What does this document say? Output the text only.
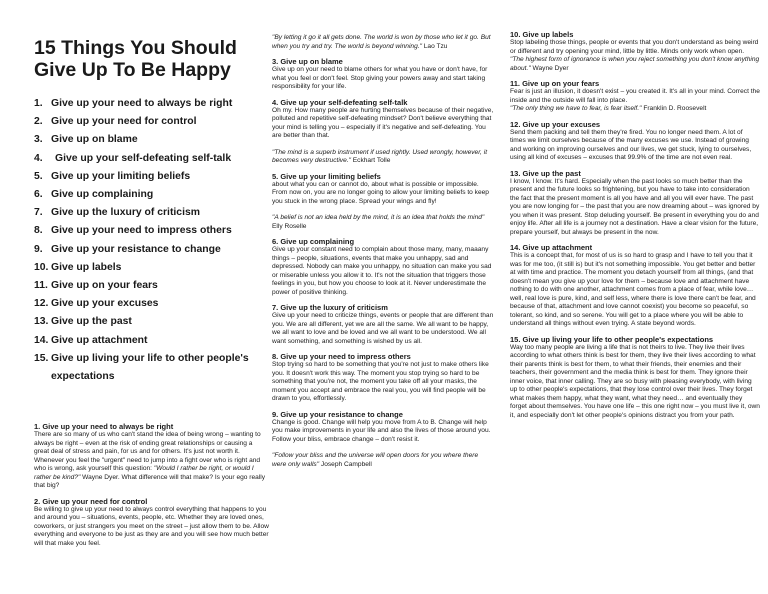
15 Things You Should Give Up To Be Happy
1. Give up your need to always be right
2. Give up your need for control
3. Give up on blame
4. Give up your self-defeating self-talk
5. Give up your limiting beliefs
6. Give up complaining
7. Give up the luxury of criticism
8. Give up your need to impress others
9. Give up your resistance to change
10. Give up labels
11. Give up on your fears
12. Give up your excuses
13. Give up the past
14. Give up attachment
15. Give up living your life to other people's expectations
1. Give up your need to always be right

There are so many of us who can't stand the idea of being wrong – wanting to always be right – even at the risk of ending great relationships or causing a great deal of stress and pain, for us and for others. It's just not worth it. Whenever you feel the "urgent" need to jump into a fight over who is right and who is wrong, ask yourself this question: "Would I rather be right, or would I rather be kind?" Wayne Dyer. What difference will that make? Is your ego really that big?

2. Give up your need for control

Be willing to give up your need to always control everything that happens to you and around you – situations, events, people, etc. Whether they are loved ones, coworkers, or just strangers you meet on the street – just allow them to be. Allow everything and everyone to be just as they are and you will see how much better will that make you feel.

"By letting it go it all gets done. The world is won by those who let it go. But when you try and try. The world is beyond winning." Lao Tzu

3. Give up on blame

Give up on your need to blame others for what you have or don't have, for what you feel or don't feel. Stop giving your powers away and start taking responsibility for your life.

4. Give up your self-defeating self-talk

Oh my. How many people are hurting themselves because of their negative, polluted and repetitive self-defeating mindset? Don't believe everything that your mind is telling you – especially if it's negative and self-defeating. You are better than that.

"The mind is a superb instrument if used rightly. Used wrongly, however, it becomes very destructive." Eckhart Tolle

5. Give up your limiting beliefs

about what you can or cannot do, about what is possible or impossible. From now on, you are no longer going to allow your limiting beliefs to keep you stuck in the wrong place. Spread your wings and fly!

"A belief is not an idea held by the mind, it is an idea that holds the mind" Elly Roselle

6. Give up complaining

Give up your constant need to complain about those many, many, maaany things – people, situations, events that make you unhappy, sad and depressed. Nobody can make you unhappy, no situation can make you sad or miserable unless you allow it to. It's not the situation that triggers those feelings in you, but how you choose to look at it. Never underestimate the power of positive thinking.

7. Give up the luxury of criticism

Give up your need to criticize things, events or people that are different than you. We are all different, yet we are all the same. We all want to be happy, we all want to love and be loved and we all want to be understood. We all want something, and something is wished by us all.

8. Give up your need to impress others

Stop trying so hard to be something that you're not just to make others like you. It doesn't work this way. The moment you stop trying so hard to be something that you're not, the moment you take off all your masks, the moment you accept and embrace the real you, you will find people will be drawn to you, effortlessly.

9. Give up your resistance to change

Change is good. Change will help you move from A to B. Change will help you make improvements in your life and also the lives of those around you. Follow your bliss, embrace change – don't resist it.

"Follow your bliss and the universe will open doors for you where there were only walls" Joseph Campbell

10. Give up labels

Stop labeling those things, people or events that you don't understand as being weird or different and try opening your mind, little by little. Minds only work when open.

"The highest form of ignorance is when you reject something you don't know anything about." Wayne Dyer

11. Give up on your fears

Fear is just an illusion, it doesn't exist – you created it. It's all in your mind. Correct the inside and the outside will fall into place.

"The only thing we have to fear, is fear itself." Franklin D. Roosevelt

12. Give up your excuses

Send them packing and tell them they're fired. You no longer need them. A lot of times we limit ourselves because of the many excuses we use. Instead of growing and working on improving ourselves and our lives, we get stuck, lying to ourselves, using all kind of excuses – excuses that 99.9% of the time are not even real.

13. Give up the past

I know, I know. It's hard. Especially when the past looks so much better than the present and the future looks so frightening, but you have to take into consideration the fact that the present moment is all you have and all you will ever have. The past you are now longing for – the past that you are now dreaming about – was ignored by you when it was present. Stop deluding yourself. Be present in everything you do and enjoy life. After all life is a journey not a destination. Have a clear vision for the future, prepare yourself, but always be present in the now.

14. Give up attachment

This is a concept that, for most of us is so hard to grasp and I have to tell you that it was for me too, (it still is) but it's not something impossible. You get better and better at with time and practice. The moment you detach yourself from all things, (and that doesn't mean you give up your love for them – because love and attachment have nothing to do with one another, attachment comes from a place of fear, while love… well, real love is pure, kind, and self less, where there is love there can't be fear, and because of that, attachment and love cannot coexist) you become so peaceful, so tolerant, so kind, and so serene. You will get to a place where you will be able to understand all things without even trying. A state beyond words.

15. Give up living your life to other people's expectations

Way too many people are living a life that is not theirs to live. They live their lives according to what others think is best for them, they live their lives according to what their parents think is best for them, to what their friends, their enemies and their teachers, their government and the media think is best for them. They ignore their inner voice, that inner calling. They are so busy with pleasing everybody, with living up to other people's expectations, that they lose control over their lives. They forget what makes them happy, what they want, what they need… and eventually they forget about themselves. You have one life – this one right now – you must live it, own it, and especially don't let other people's opinions distract you from your path.
